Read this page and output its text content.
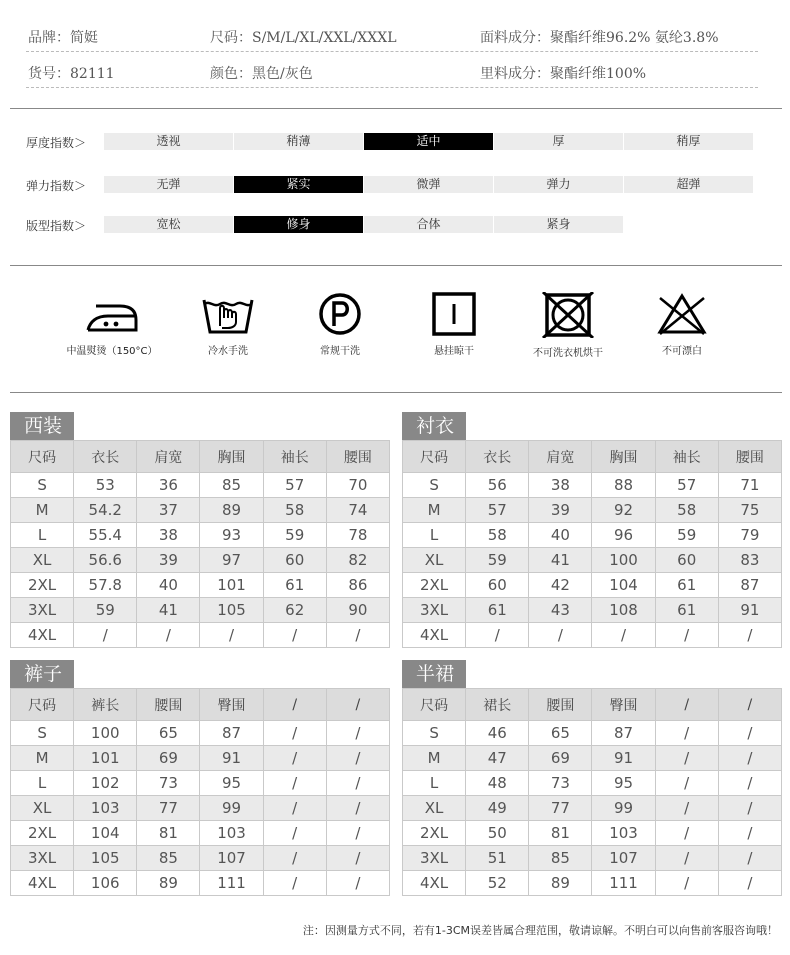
品牌：简娗	尺码：S/M/L/XL/XXL/XXXL	面料成分：聚酯纤维96.2% 氨纶3.8%
货号：82111	颜色：黑色/灰色	里料成分：聚酯纤维100%
厚度指数＞	透视	稍薄	适中	厚	稍厚
弹力指数＞	无弹	紧实	微弹	弹力	超弹
版型指数＞	宽松	修身	合体	紧身
中温熨烫（150°C）	冷水手洗	常规干洗	悬挂晾干	不可洗衣机烘干	不可漂白
西装
尺码	衣长	肩宽	胸围	袖长	腰围
S	53	36	85	57	70
M	54.2	37	89	58	74
L	55.4	38	93	59	78
XL	56.6	39	97	60	82
2XL	57.8	40	101	61	86
3XL	59	41	105	62	90
4XL	/	/	/	/	/
衬衣
尺码	衣长	肩宽	胸围	袖长	腰围
S	56	38	88	57	71
M	57	39	92	58	75
L	58	40	96	59	79
XL	59	41	100	60	83
2XL	60	42	104	61	87
3XL	61	43	108	61	91
4XL	/	/	/	/	/
裤子
尺码	裤长	腰围	臀围	/	/
S	100	65	87	/	/
M	101	69	91	/	/
L	102	73	95	/	/
XL	103	77	99	/	/
2XL	104	81	103	/	/
3XL	105	85	107	/	/
4XL	106	89	111	/	/
半裙
尺码	裙长	腰围	臀围	/	/
S	46	65	87	/	/
M	47	69	91	/	/
L	48	73	95	/	/
XL	49	77	99	/	/
2XL	50	81	103	/	/
3XL	51	85	107	/	/
4XL	52	89	111	/	/
注：因测量方式不同，若有1-3CM误差皆属合理范围，敬请谅解。不明白可以向售前客服咨询哦！
